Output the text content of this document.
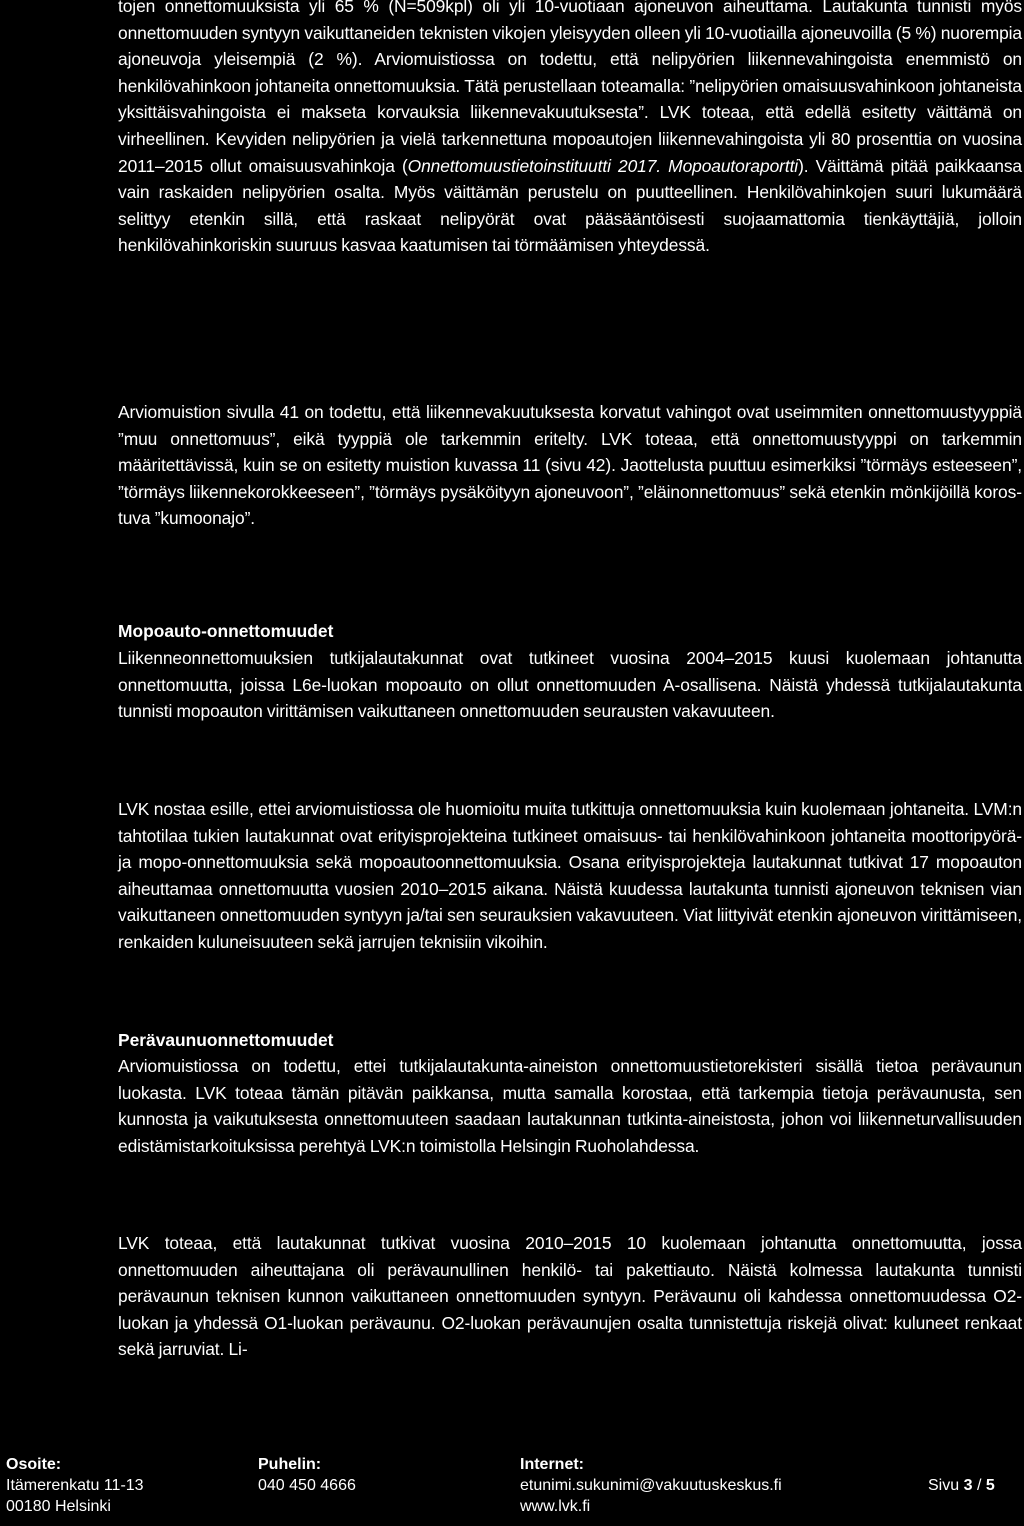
tojen onnettomuuksista yli 65 % (N=509kpl) oli yli 10-vuotiaan ajoneuvon aiheuttama. Lautakunta tunnisti myös onnettomuuden syntyyn vaikuttaneiden teknisten vikojen yleisyyden olleen yli 10-vuotiailla ajoneuvoilla (5 %) nuorempia ajoneuvoja yleisempiä (2 %). Arviomuistiossa on todettu, että nelipyörien liikennevahingoista enemmistö on henkilövahinkoon johtaneita onnettomuuksia. Tätä perustellaan toteamalla: ”nelipyörien omaisuusvahinkoon johtaneista yksittäisvahingoista ei makseta korvauksia liikennevakuutuksesta”. LVK toteaa, että edellä esitetty väittämä on virheellinen. Kevyiden nelipyörien ja vielä tarkennettuna mopoautojen liikennevahingoista yli 80 prosenttia on vuosina 2011–2015 ollut omaisuusvahinkoja (Onnettomuustietoinstituutti 2017. Mopoautoraportti). Väittämä pitää paikkaansa vain raskaiden nelipyörien osalta. Myös väittämän perustelu on puutteellinen. Henkilövahinkojen suuri lukumäärä selittyy etenkin sillä, että raskaat nelipyörät ovat pääsääntöisesti suojaamattomia tienkäyttäjiä, jolloin henkilövahinkoriskin suuruus kasvaa kaatumisen tai törmäämisen yhteydessä.

Arviomuistion sivulla 41 on todettu, että liikennevakuutuksesta korvatut vahingot ovat useimmiten onnettomuustyyppiä ”muu onnettomuus”, eikä tyyppiä ole tarkemmin eritelty. LVK toteaa, että onnettomuustyyppi on tarkemmin määritettävissä, kuin se on esitetty muistion kuvassa 11 (sivu 42). Jaottelusta puuttuu esimerkiksi ”törmäys esteeseen”, ”törmäys liikennekorokkeeseen”, ”törmäys pysäköityyn ajoneuvoon”, ”eläinonnettomuus” sekä etenkin mönkijöillä korostuva ”kumoonajo”.

Mopoauto-onnettomuudet

Liikenneonnettomuuksien tutkijalautakunnat ovat tutkineet vuosina 2004–2015 kuusi kuolemaan johtanutta onnettomuutta, joissa L6e-luokan mopoauto on ollut onnettomuuden A-osallisena. Näistä yhdessä tutkijalautakunta tunnisti mopoauton virittämisen vaikuttaneen onnettomuuden seurausten vakavuuteen.

LVK nostaa esille, ettei arviomuistiossa ole huomioitu muita tutkittuja onnettomuuksia kuin kuolemaan johtaneita. LVM:n tahtotilaa tukien lautakunnat ovat erityisprojekteina tutkineet omaisuus- tai henkilövahinkoon johtaneita moottoripyörä- ja mopo-onnettomuuksia sekä mopoautoonnettomuuksia. Osana erityisprojekteja lautakunnat tutkivat 17 mopoauton aiheuttamaa onnettomuutta vuosien 2010–2015 aikana. Näistä kuudessa lautakunta tunnisti ajoneuvon teknisen vian vaikuttaneen onnettomuuden syntyyn ja/tai sen seurauksien vakavuuteen. Viat liittyivät etenkin ajoneuvon virittämiseen, renkaiden kuluneisuuteen sekä jarrujen teknisiin vikoihin.

Perävaunuonnettomuudet

Arviomuistiossa on todettu, ettei tutkijalautakunta-aineiston onnettomuustietorekisteri sisällä tietoa perävaunun luokasta. LVK toteaa tämän pitävän paikkansa, mutta samalla korostaa, että tarkempia tietoja perävaunusta, sen kunnosta ja vaikutuksesta onnettomuuteen saadaan lautakunnan tutkinta-aineistosta, johon voi liikenneturvallisuuden edistämistarkoituksissa perehtyä LVK:n toimistolla Helsingin Ruoholahdessa.

LVK toteaa, että lautakunnat tutkivat vuosina 2010–2015 10 kuolemaan johtanutta onnettomuutta, jossa onnettomuuden aiheuttajana oli perävaunullinen henkilö- tai pakettiauto. Näistä kolmessa lautakunta tunnisti perävaunun teknisen kunnon vaikuttaneen onnettomuuden syntyyn. Perävaunu oli kahdessa onnettomuudessa O2-luokan ja yhdessä O1-luokan perävaunu. O2-luokan perävaunujen osalta tunnistettuja riskejä olivat: kuluneet renkaat sekä jarruviat. Li-

Osoite:
Itämerenkatu 11-13
00180 Helsinki
Puhelin:
040 450 4666
Internet:
etunimi.sukunimi@vakuutuskeskus.fi
www.lvk.fi
Sivu 3 / 5
